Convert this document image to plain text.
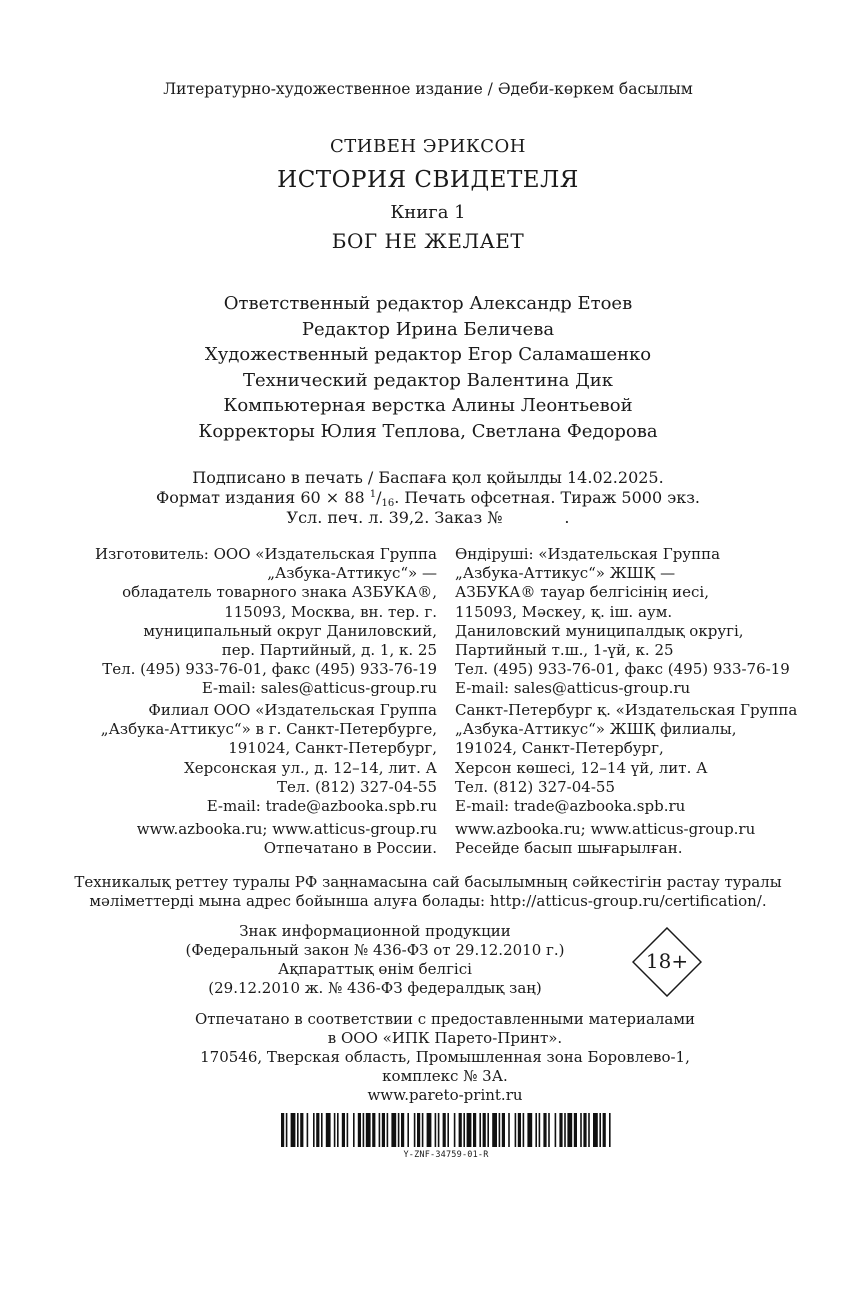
Литературно-художественное издание / Әдеби-көркем басылым
СТИВЕН ЭРИКСОН
ИСТОРИЯ СВИДЕТЕЛЯ
Книга 1
БОГ НЕ ЖЕЛАЕТ
Ответственный редактор Александр Етоев
Редактор Ирина Беличева
Художественный редактор Егор Саламашенко
Технический редактор Валентина Дик
Компьютерная верстка Алины Леонтьевой
Корректоры Юлия Теплова, Светлана Федорова
Подписано в печать / Баспаға қол қойылды 14.02.2025.
Формат издания 60 × 88 $^1/_{16}$. Печать офсетная. Тираж 5000 экз.
Усл. печ. л. 39,2. Заказ №	.
Изготовитель: ООО «Издательская Группа
„Азбука-Аттикус“» —
обладатель товарного знака АЗБУКА®,
115093, Москва, вн. тер. г.
муниципальный округ Даниловский,
пер. Партийный, д. 1, к. 25
Тел. (495) 933-76-01, факс (495) 933-76-19
E-mail: sales@atticus-group.ru
Өндіруші: «Издательская Группа
„Азбука-Аттикус“» ЖШҚ —
АЗБУКА® тауар белгісінің иесі,
115093, Мәскеу, қ. іш. аум.
Даниловский муниципалдық округі,
Партийный т.ш., 1-үй, к. 25
Тел. (495) 933-76-01, факс (495) 933-76-19
E-mail: sales@atticus-group.ru
Филиал ООО «Издательская Группа
„Азбука-Аттикус“» в г. Санкт-Петербурге,
191024, Санкт-Петербург,
Херсонская ул., д. 12–14, лит. А
Тел. (812) 327-04-55
E-mail: trade@azbooka.spb.ru
Санкт-Петербург қ. «Издательская Группа
„Азбука-Аттикус“» ЖШҚ филиалы,
191024, Санкт-Петербург,
Херсон көшесі, 12–14 үй, лит. А
Тел. (812) 327-04-55
E-mail: trade@azbooka.spb.ru
www.azbooka.ru; www.atticus-group.ru
Отпечатано в России.
www.azbooka.ru; www.atticus-group.ru
Ресейде басып шығарылған.
Техникалық реттеу туралы РФ заңнамасына сай басылымның сәйкестігін растау туралы
мәліметтерді мына адрес бойынша алуға болады: http://atticus-group.ru/certification/.
Знак информационной продукции
(Федеральный закон № 436-ФЗ от 29.12.2010 г.)
Ақпараттық өнім белгісі
(29.12.2010 ж. № 436-ФЗ федералдық заң)
18+
Отпечатано в соответствии с предоставленными материалами
в ООО «ИПК Парето-Принт».
170546, Тверская область, Промышленная зона Боровлево-1,
комплекс № 3А.
www.pareto-print.ru
Y-ZNF-34759-01-R
